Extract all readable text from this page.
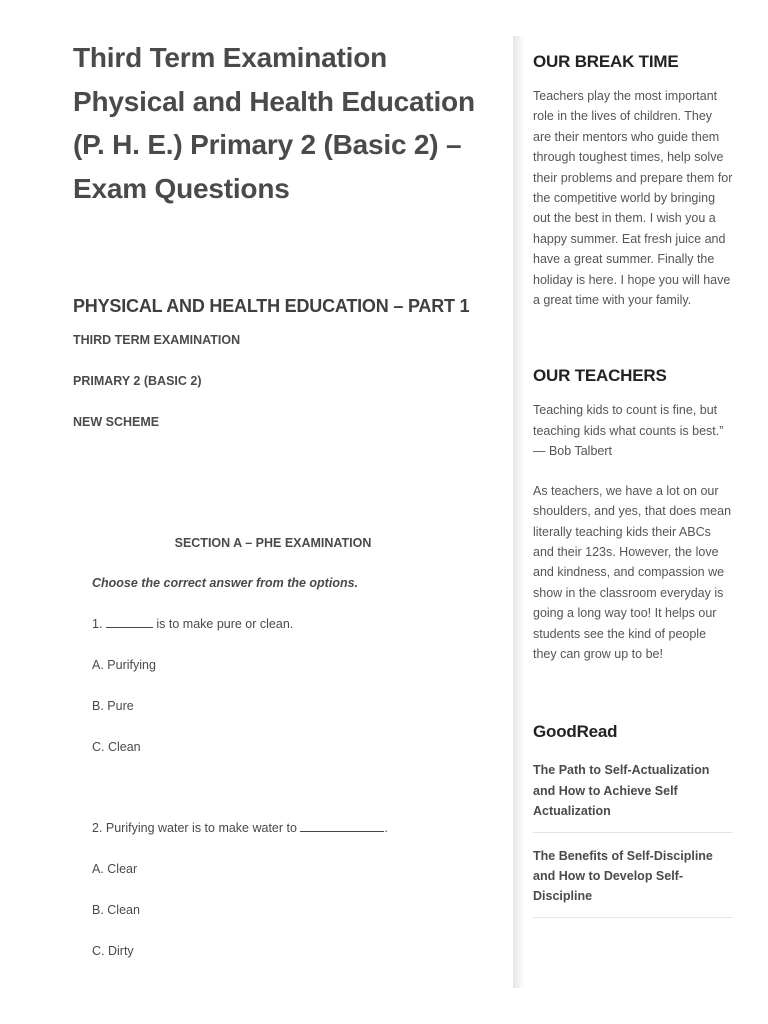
Third Term Examination Physical and Health Education (P. H. E.) Primary 2 (Basic 2) – Exam Questions
PHYSICAL AND HEALTH EDUCATION – PART 1

THIRD TERM EXAMINATION

PRIMARY 2 (BASIC 2)

NEW SCHEME

SECTION A – PHE EXAMINATION

Choose the correct answer from the options.

1.	is to make pure or clean.

A. Purifying

B. Pure

C. Clean

2. Purifying water is to make water to	.

A. Clear

B. Clean

C. Dirty

OUR BREAK TIME

Teachers play the most important role in the lives of children. They are their mentors who guide them through toughest times, help solve their problems and prepare them for the competitive world by bringing out the best in them. I wish you a happy summer. Eat fresh juice and have a great summer. Finally the holiday is here. I hope you will have a great time with your family.

OUR TEACHERS

Teaching kids to count is fine, but teaching kids what counts is best.” — Bob Talbert

As teachers, we have a lot on our shoulders, and yes, that does mean literally teaching kids their ABCs and their 123s. However, the love and kindness, and compassion we show in the classroom everyday is going a long way too! It helps our students see the kind of people they can grow up to be!

GoodRead
The Path to Self-Actualization and How to Achieve Self Actualization
The Benefits of Self-Discipline and How to Develop Self-Discipline
